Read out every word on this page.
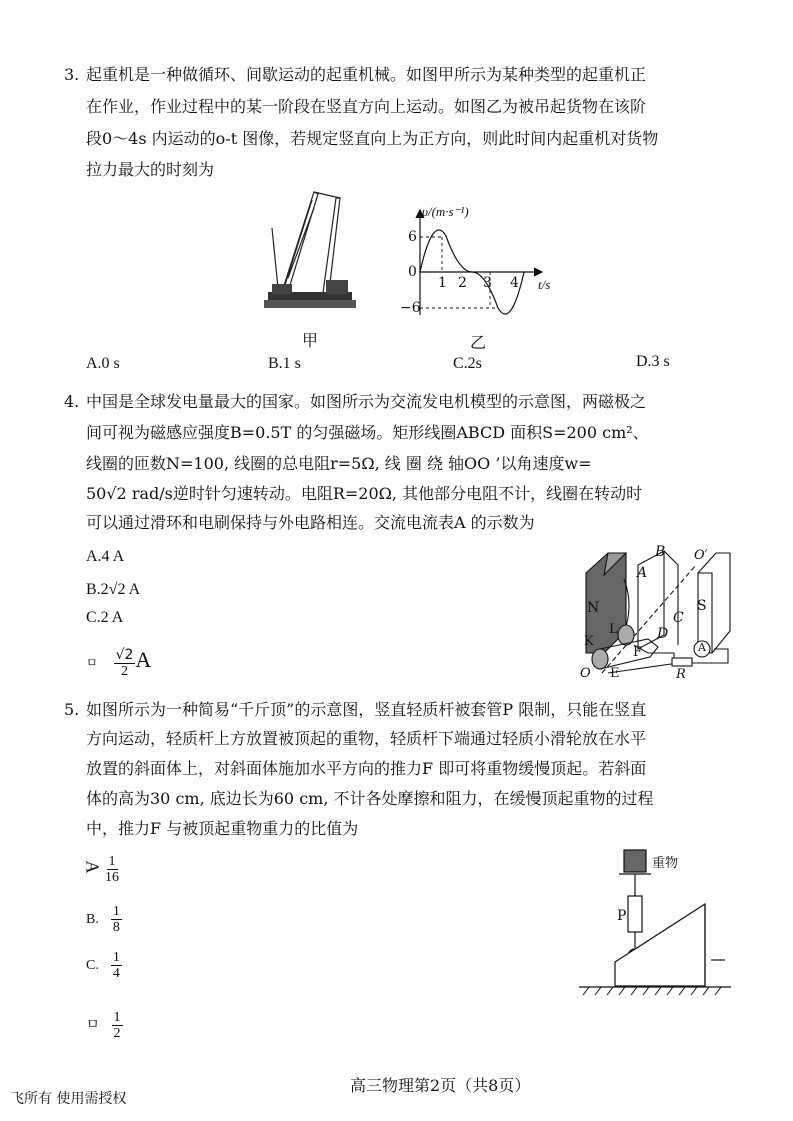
3. 起重机是一种做循环、间歇运动的起重机械。如图甲所示为某种类型的起重机正
在作业，作业过程中的某一阶段在竖直方向上运动。如图乙为被吊起货物在该阶
段0～4s 内运动的o-t 图像，若规定竖直向上为正方向，则此时间内起重机对货物
拉力最大的时刻为
甲
υ/(m·s⁻¹)
t/s
6
0
−6
1 2 3 4
乙
A.0 s	B.1 s	C.2s	D.3 s
4. 中国是全球发电量最大的国家。如图所示为交流发电机模型的示意图，两磁极之
间可视为磁感应强度B=0.5T 的匀强磁场。矩形线圈ABCD 面积S=200 cm²、
线圈的匝数N=100, 线圈的总电阻r=5Ω, 线 圈 绕 轴OO ’以角速度w=
50√2 rad/s逆时针匀速转动。电阻R=20Ω, 其他部分电阻不计，线圈在转动时
可以通过滑环和电刷保持与外电路相连。交流电流表A 的示数为
A.4 A
B.2√2 A
C.2 A
ㅁ $\frac{√2}{2}$ A
N	S
A
B
C
D
K
L
E
F
O
O′
R
A
5. 如图所示为一种简易“千斤顶”的示意图，竖直轻质杆被套管P 限制，只能在竖直
方向运动，轻质杆上方放置被顶起的重物，轻质杆下端通过轻质小滑轮放在水平
放置的斜面体上，对斜面体施加水平方向的推力F 即可将重物缓慢顶起。若斜面
体的高为30 cm, 底边长为60 cm, 不计各处摩擦和阻力，在缓慢顶起重物的过程
中，推力F 与被顶起重物重力的比值为
A $\frac{1}{16}$
B. $\frac{1}{8}$
C. $\frac{1}{4}$
ㅁ $\frac{1}{2}$
重物
P
飞所有 使用需授权
高三物理第2页（共8页）
